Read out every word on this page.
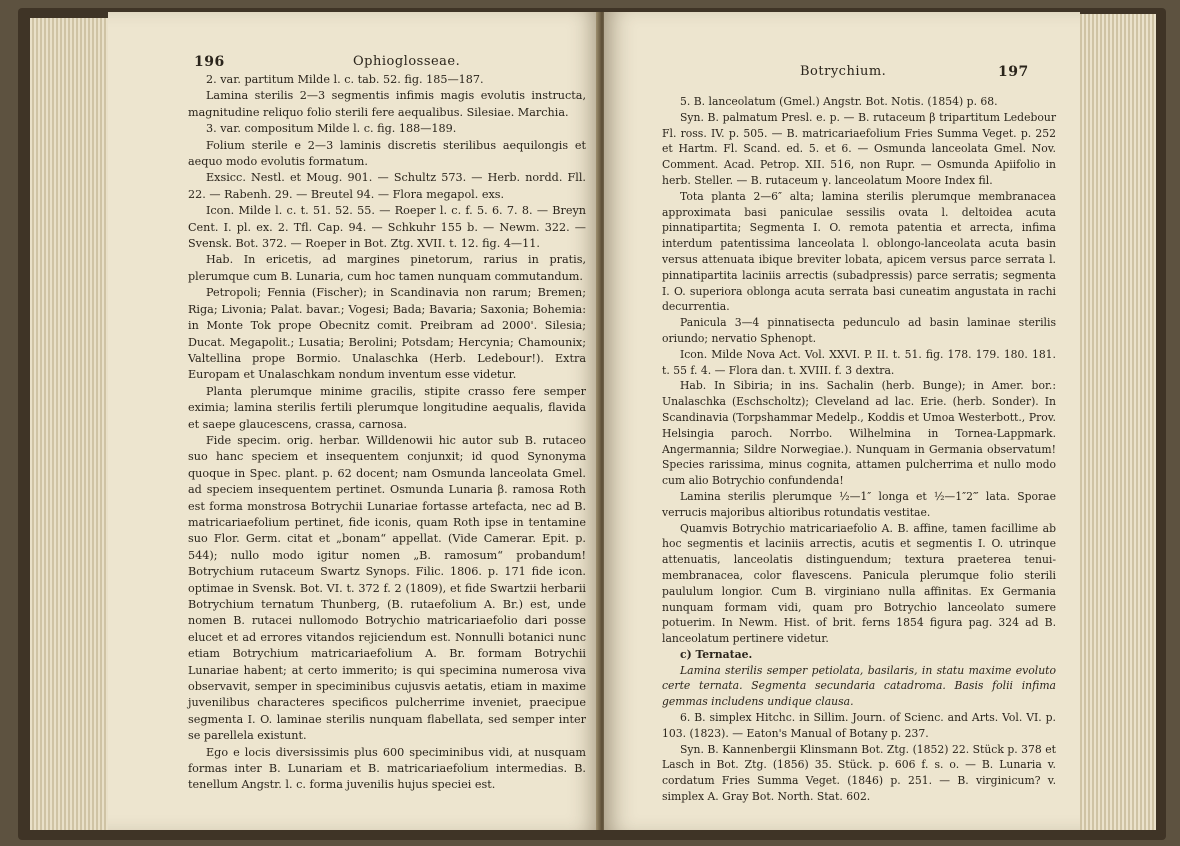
196	Ophioglosseae.

2. var. partitum Milde l. c. tab. 52. fig. 185—187.

Lamina sterilis 2—3 segmentis infimis magis evolutis instructa, magnitudine reliquo folio sterili fere aequalibus. Silesiae. Marchia.

3. var. compositum Milde l. c. fig. 188—189.

Folium sterile e 2—3 laminis discretis sterilibus aequilongis et aequo modo evolutis formatum.

Exsicc. Nestl. et Moug. 901. — Schultz 573. — Herb. nordd. Fll. 22. — Rabenh. 29. — Breutel 94. — Flora megapol. exs.

Icon. Milde l. c. t. 51. 52. 55. — Roeper l. c. f. 5. 6. 7. 8. — Breyn Cent. I. pl. ex. 2. Tfl. Cap. 94. — Schkuhr 155 b. — Newm. 322. — Svensk. Bot. 372. — Roeper in Bot. Ztg. XVII. t. 12. fig. 4—11.

Hab. In ericetis, ad margines pinetorum, rarius in pratis, plerumque cum B. Lunaria, cum hoc tamen nunquam commutandum.

Petropoli; Fennia (Fischer); in Scandinavia non rarum; Bremen; Riga; Livonia; Palat. bavar.; Vogesi; Bada; Bavaria; Saxonia; Bohemia: in Monte Tok prope Obecnitz comit. Preibram ad 2000'. Silesia; Ducat. Megapolit.; Lusatia; Berolini; Potsdam; Hercynia; Chamounix; Valtellina prope Bormio. Unalaschka (Herb. Ledebour!). Extra Europam et Unalaschkam nondum inventum esse videtur.

Planta plerumque minime gracilis, stipite crasso fere semper eximia; lamina sterilis fertili plerumque longitudine aequalis, flavida et saepe glaucescens, crassa, carnosa.

Fide specim. orig. herbar. Willdenowii hic autor sub B. rutaceo suo hanc speciem et insequentem conjunxit; id quod Synonyma quoque in Spec. plant. p. 62 docent; nam Osmunda lanceolata Gmel. ad speciem insequentem pertinet. Osmunda Lunaria β. ramosa Roth est forma monstrosa Botrychii Lunariae fortasse artefacta, nec ad B. matricariaefolium pertinet, fide iconis, quam Roth ipse in tentamine suo Flor. Germ. citat et „bonam“ appellat. (Vide Camerar. Epit. p. 544); nullo modo igitur nomen „B. ramosum“ probandum! Botrychium rutaceum Swartz Synops. Filic. 1806. p. 171 fide icon. optimae in Svensk. Bot. VI. t. 372 f. 2 (1809), et fide Swartzii herbarii Botrychium ternatum Thunberg, (B. rutaefolium A. Br.) est, unde nomen B. rutacei nullomodo Botrychio matricariaefolio dari posse elucet et ad errores vitandos rejiciendum est. Nonnulli botanici nunc etiam Botrychium matricariaefolium A. Br. formam Botrychii Lunariae habent; at certo immerito; is qui specimina numerosa viva observavit, semper in speciminibus cujusvis aetatis, etiam in maxime juvenilibus characteres specificos pulcherrime inveniet, praecipue segmenta I. O. laminae sterilis nunquam flabellata, sed semper inter se parellela existunt.

Ego e locis diversissimis plus 600 speciminibus vidi, at nusquam formas inter B. Lunariam et B. matricariaefolium intermedias. B. tenellum Angstr. l. c. forma juvenilis hujus speciei est.

Botrychium.	197

5. B. lanceolatum (Gmel.) Angstr. Bot. Notis. (1854) p. 68.

Syn. B. palmatum Presl. e. p. — B. rutaceum β tripartitum Ledebour Fl. ross. IV. p. 505. — B. matricariaefolium Fries Summa Veget. p. 252 et Hartm. Fl. Scand. ed. 5. et 6. — Osmunda lanceolata Gmel. Nov. Comment. Acad. Petrop. XII. 516, non Rupr. — Osmunda Apiifolio in herb. Steller. — B. rutaceum γ. lanceolatum Moore Index fil.

Tota planta 2—6″ alta; lamina sterilis plerumque membranacea approximata basi paniculae sessilis ovata l. deltoidea acuta pinnatipartita; Segmenta I. O. remota patentia et arrecta, infima interdum patentissima lanceolata l. oblongo-lanceolata acuta basin versus attenuata ibique breviter lobata, apicem versus parce serrata l. pinnatipartita laciniis arrectis (subadpressis) parce serratis; segmenta I. O. superiora oblonga acuta serrata basi cuneatim angustata in rachi decurrentia.

Panicula 3—4 pinnatisecta pedunculo ad basin laminae sterilis oriundo; nervatio Sphenopt.

Icon. Milde Nova Act. Vol. XXVI. P. II. t. 51. fig. 178. 179. 180. 181. t. 55 f. 4. — Flora dan. t. XVIII. f. 3 dextra.

Hab. In Sibiria; in ins. Sachalin (herb. Bunge); in Amer. bor.: Unalaschka (Eschscholtz); Cleveland ad lac. Erie. (herb. Sonder). In Scandinavia (Torpshammar Medelp., Koddis et Umoa Westerbott., Prov. Helsingia paroch. Norrbo. Wilhelmina in Tornea-Lappmark. Angermannia; Sildre Norwegiae.). Nunquam in Germania observatum! Species rarissima, minus cognita, attamen pulcherrima et nullo modo cum alio Botrychio confundenda!

Lamina sterilis plerumque ½—1″ longa et ½—1″2‴ lata. Sporae verrucis majoribus altioribus rotundatis vestitae.

Quamvis Botrychio matricariaefolio A. B. affine, tamen facillime ab hoc segmentis et laciniis arrectis, acutis et segmentis I. O. utrinque attenuatis, lanceolatis distinguendum; textura praeterea tenui-membranacea, color flavescens. Panicula plerumque folio sterili paululum longior. Cum B. virginiano nulla affinitas. Ex Germania nunquam formam vidi, quam pro Botrychio lanceolato sumere potuerim. In Newm. Hist. of brit. ferns 1854 figura pag. 324 ad B. lanceolatum pertinere videtur.

c) Ternatae.

Lamina sterilis semper petiolata, basilaris, in statu maxime evoluto certe ternata. Segmenta secundaria catadroma. Basis folii infima gemmas includens undique clausa.

6. B. simplex Hitchc. in Sillim. Journ. of Scienc. and Arts. Vol. VI. p. 103. (1823). — Eaton's Manual of Botany p. 237.

Syn. B. Kannenbergii Klinsmann Bot. Ztg. (1852) 22. Stück p. 378 et Lasch in Bot. Ztg. (1856) 35. Stück. p. 606 f. s. o. — B. Lunaria v. cordatum Fries Summa Veget. (1846) p. 251. — B. virginicum? v. simplex A. Gray Bot. North. Stat. 602.
